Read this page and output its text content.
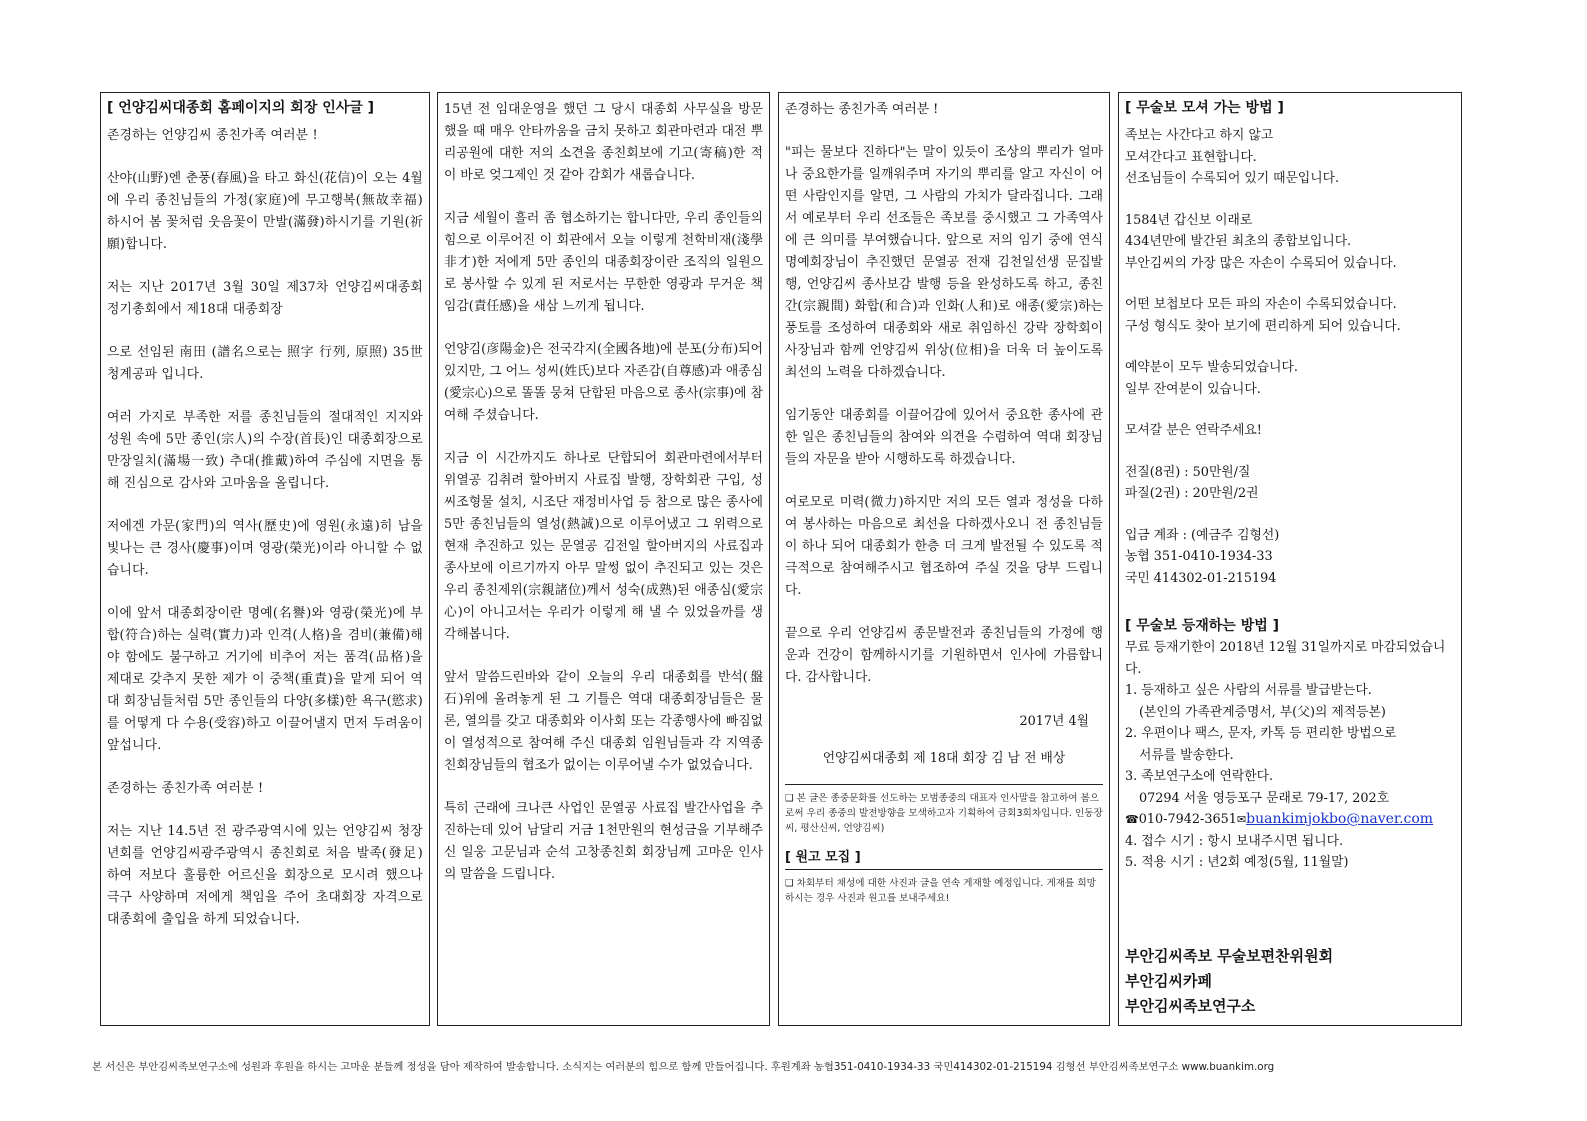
[ 언양김씨대종회 홈페이지의 회장 인사글 ]

존경하는 언양김씨 종친가족 여러분 !

산야(山野)엔 춘풍(春風)을 타고 화신(花信)이 오는 4월에 우리 종친님들의 가정(家庭)에 무고행복(無故幸福)하시어 봄 꽃처럼 웃음꽃이 만발(滿發)하시기를 기원(祈願)합니다.

저는 지난 2017년 3월 30일 제37차 언양김씨대종회 정기총회에서 제18대 대종회장

으로 선임된 南田 (譜名으로는 照字 行列, 原照) 35世 청계공파 입니다.

여러 가지로 부족한 저를 종친님들의 절대적인 지지와 성원 속에 5만 종인(宗人)의 수장(首長)인 대종회장으로 만장일치(滿場一致) 추대(推戴)하여 주심에 지면을 통해 진심으로 감사와 고마움을 올립니다.

저에겐 가문(家門)의 역사(歷史)에 영원(永遠)히 남을 빛나는 큰 경사(慶事)이며 영광(榮光)이라 아니할 수 없습니다.

이에 앞서 대종회장이란 명예(名譽)와 영광(榮光)에 부합(符合)하는 실력(實力)과 인격(人格)을 겸비(兼備)해야 함에도 불구하고 거기에 비추어 저는 품격(品格)을 제대로 갖추지 못한 제가 이 중책(重責)을 맡게 되어 역대 회장님들처럼 5만 종인들의 다양(多樣)한 욕구(慾求)를 어떻게 다 수용(受容)하고 이끌어낼지 먼저 두려움이 앞섭니다.

존경하는 종친가족 여러분 !

저는 지난 14.5년 전 광주광역시에 있는 언양김씨 청장년회를 언양김씨광주광역시 종친회로 처음 발족(發足)하여 저보다 훌륭한 어르신을 회장으로 모시려 했으나 극구 사양하며 저에게 책임을 주어 초대회장 자격으로 대종회에 출입을 하게 되었습니다.

15년 전 임대운영을 했던 그 당시 대종회 사무실을 방문했을 때 매우 안타까움을 금치 못하고 회관마련과 대전 뿌리공원에 대한 저의 소견을 종친회보에 기고(寄稿)한 적이 바로 엊그제인 것 같아 감회가 새롭습니다.

지금 세월이 흘러 좀 협소하기는 합니다만, 우리 종인들의 힘으로 이루어진 이 회관에서 오늘 이렇게 천학비재(淺學非才)한 저에게 5만 종인의 대종회장이란 조직의 일원으로 봉사할 수 있게 된 저로서는 무한한 영광과 무거운 책임감(責任感)을 새삼 느끼게 됩니다.

언양김(彦陽金)은 전국각지(全國各地)에 분포(分布)되어 있지만, 그 어느 성씨(姓氏)보다 자존감(自尊感)과 애종심(愛宗心)으로 똘똘 뭉쳐 단합된 마음으로 종사(宗事)에 참여해 주셨습니다.

지금 이 시간까지도 하나로 단합되어 회관마련에서부터 위열공 김취려 할아버지 사료집 발행, 장학회관 구입, 성씨조형물 설치, 시조단 재정비사업 등 참으로 많은 종사에 5만 종친님들의 열성(熱誠)으로 이루어냈고 그 위력으로 현재 추진하고 있는 문열공 김전일 할아버지의 사료집과 종사보에 이르기까지 아무 말썽 없이 추진되고 있는 것은 우리 종친제위(宗親諸位)께서 성숙(成熟)된 애종심(愛宗心)이 아니고서는 우리가 이렇게 해 낼 수 있었을까를 생각해봅니다.

앞서 말씀드린바와 같이 오늘의 우리 대종회를 반석(盤石)위에 올려놓게 된 그 기틀은 역대 대종회장님들은 물론, 열의를 갖고 대종회와 이사회 또는 각종행사에 빠짐없이 열성적으로 참여해 주신 대종회 임원님들과 각 지역종친회장님들의 협조가 없이는 이루어낼 수가 없었습니다.

특히 근래에 크나큰 사업인 문열공 사료집 발간사업을 추진하는데 있어 남달리 거금 1천만원의 현성금을 기부해주신 일웅 고문님과 순석 고창종친회 회장님께 고마운 인사의 말씀을 드립니다.

존경하는 종친가족 여러분 !

"피는 물보다 진하다"는 말이 있듯이 조상의 뿌리가 얼마나 중요한가를 일깨워주며 자기의 뿌리를 알고 자신이 어떤 사람인지를 알면, 그 사람의 가치가 달라집니다. 그래서 예로부터 우리 선조들은 족보를 중시했고 그 가족역사에 큰 의미를 부여했습니다. 앞으로 저의 임기 중에 연식 명예회장님이 추진했던 문열공 전재 김천일선생 문집발행, 언양김씨 종사보감 발행 등을 완성하도록 하고, 종친간(宗親間) 화합(和合)과 인화(人和)로 애종(愛宗)하는 풍토를 조성하여 대종회와 새로 취임하신 강락 장학회이사장님과 함께 언양김씨 위상(位相)을 더욱 더 높이도록 최선의 노력을 다하겠습니다.

임기동안 대종회를 이끌어감에 있어서 중요한 종사에 관한 일은 종친님들의 참여와 의견을 수렴하여 역대 회장님들의 자문을 받아 시행하도록 하겠습니다.

여로모로 미력(微力)하지만 저의 모든 열과 정성을 다하여 봉사하는 마음으로 최선을 다하겠사오니 전 종친님들이 하나 되어 대종회가 한층 더 크게 발전될 수 있도록 적극적으로 참여해주시고 협조하여 주실 것을 당부 드립니다.

끝으로 우리 언양김씨 종문발전과 종친님들의 가정에 행운과 건강이 함께하시기를 기원하면서 인사에 가름합니다. 감사합니다.

2017년 4월
언양김씨대종회 제 18대 회장 김 남 전 배상
❑ 본 글은 종중문화를 선도하는 모범종중의 대표자 인사말을 참고하여 봄으로써 우리 종중의 발전방향을 모색하고자 기획하여 금회3회차입니다. 인동장씨, 평산신씨, 언양김씨)
[ 원고 모집 ]
❑ 차회부터 채성에 대한 사진과 글을 연속 게재할 예정입니다. 게재를 희망하시는 경우 사진과 원고를 보내주세요!
[ 무술보 모셔 가는 방법 ]

족보는 사간다고 하지 않고
모셔간다고 표현합니다.
선조님들이 수록되어 있기 때문입니다.

1584년 갑신보 이래로
434년만에 발간된 최초의 종합보입니다.
부안김씨의 가장 많은 자손이 수록되어 있습니다.

어떤 보첩보다 모든 파의 자손이 수록되었습니다.
구성 형식도 찾아 보기에 편리하게 되어 있습니다.

예약분이 모두 발송되었습니다.
일부 잔여분이 있습니다.

모셔갈 분은 연락주세요!

전질(8권) : 50만원/질
파질(2권) : 20만원/2권

입금 계좌 : (예금주 김형선)
농협 351-0410-1934-33
국민 414302-01-215194

[ 무술보 등재하는 방법 ]
무료 등재기한이 2018년 12월 31일까지로 마감되었습니다.
1. 등재하고 싶은 사람의 서류를 발급받는다.
(본인의 가족관계증명서, 부(父)의 제적등본)
2. 우편이나 팩스, 문자, 카톡 등 편리한 방법으로
서류를 발송한다.
3. 족보연구소에 연락한다.
07294 서울 영등포구 문래로 79-17, 202호
☎010-7942-3651✉buankimjokbo@naver.com
4. 접수 시기 : 항시 보내주시면 됩니다.
5. 적용 시기 : 년2회 예정(5월, 11월말)
부안김씨족보 무술보편찬위원회
부안김씨카페
부안김씨족보연구소
본 서신은 부안김씨족보연구소에 성원과 후원을 하시는 고마운 분들께 정성을 담아 제작하여 발송합니다. 소식지는 여러분의 힘으로 함께 만들어집니다. 후원계좌 농협351-0410-1934-33 국민414302-01-215194 김형선 부안김씨족보연구소 www.buankim.org
